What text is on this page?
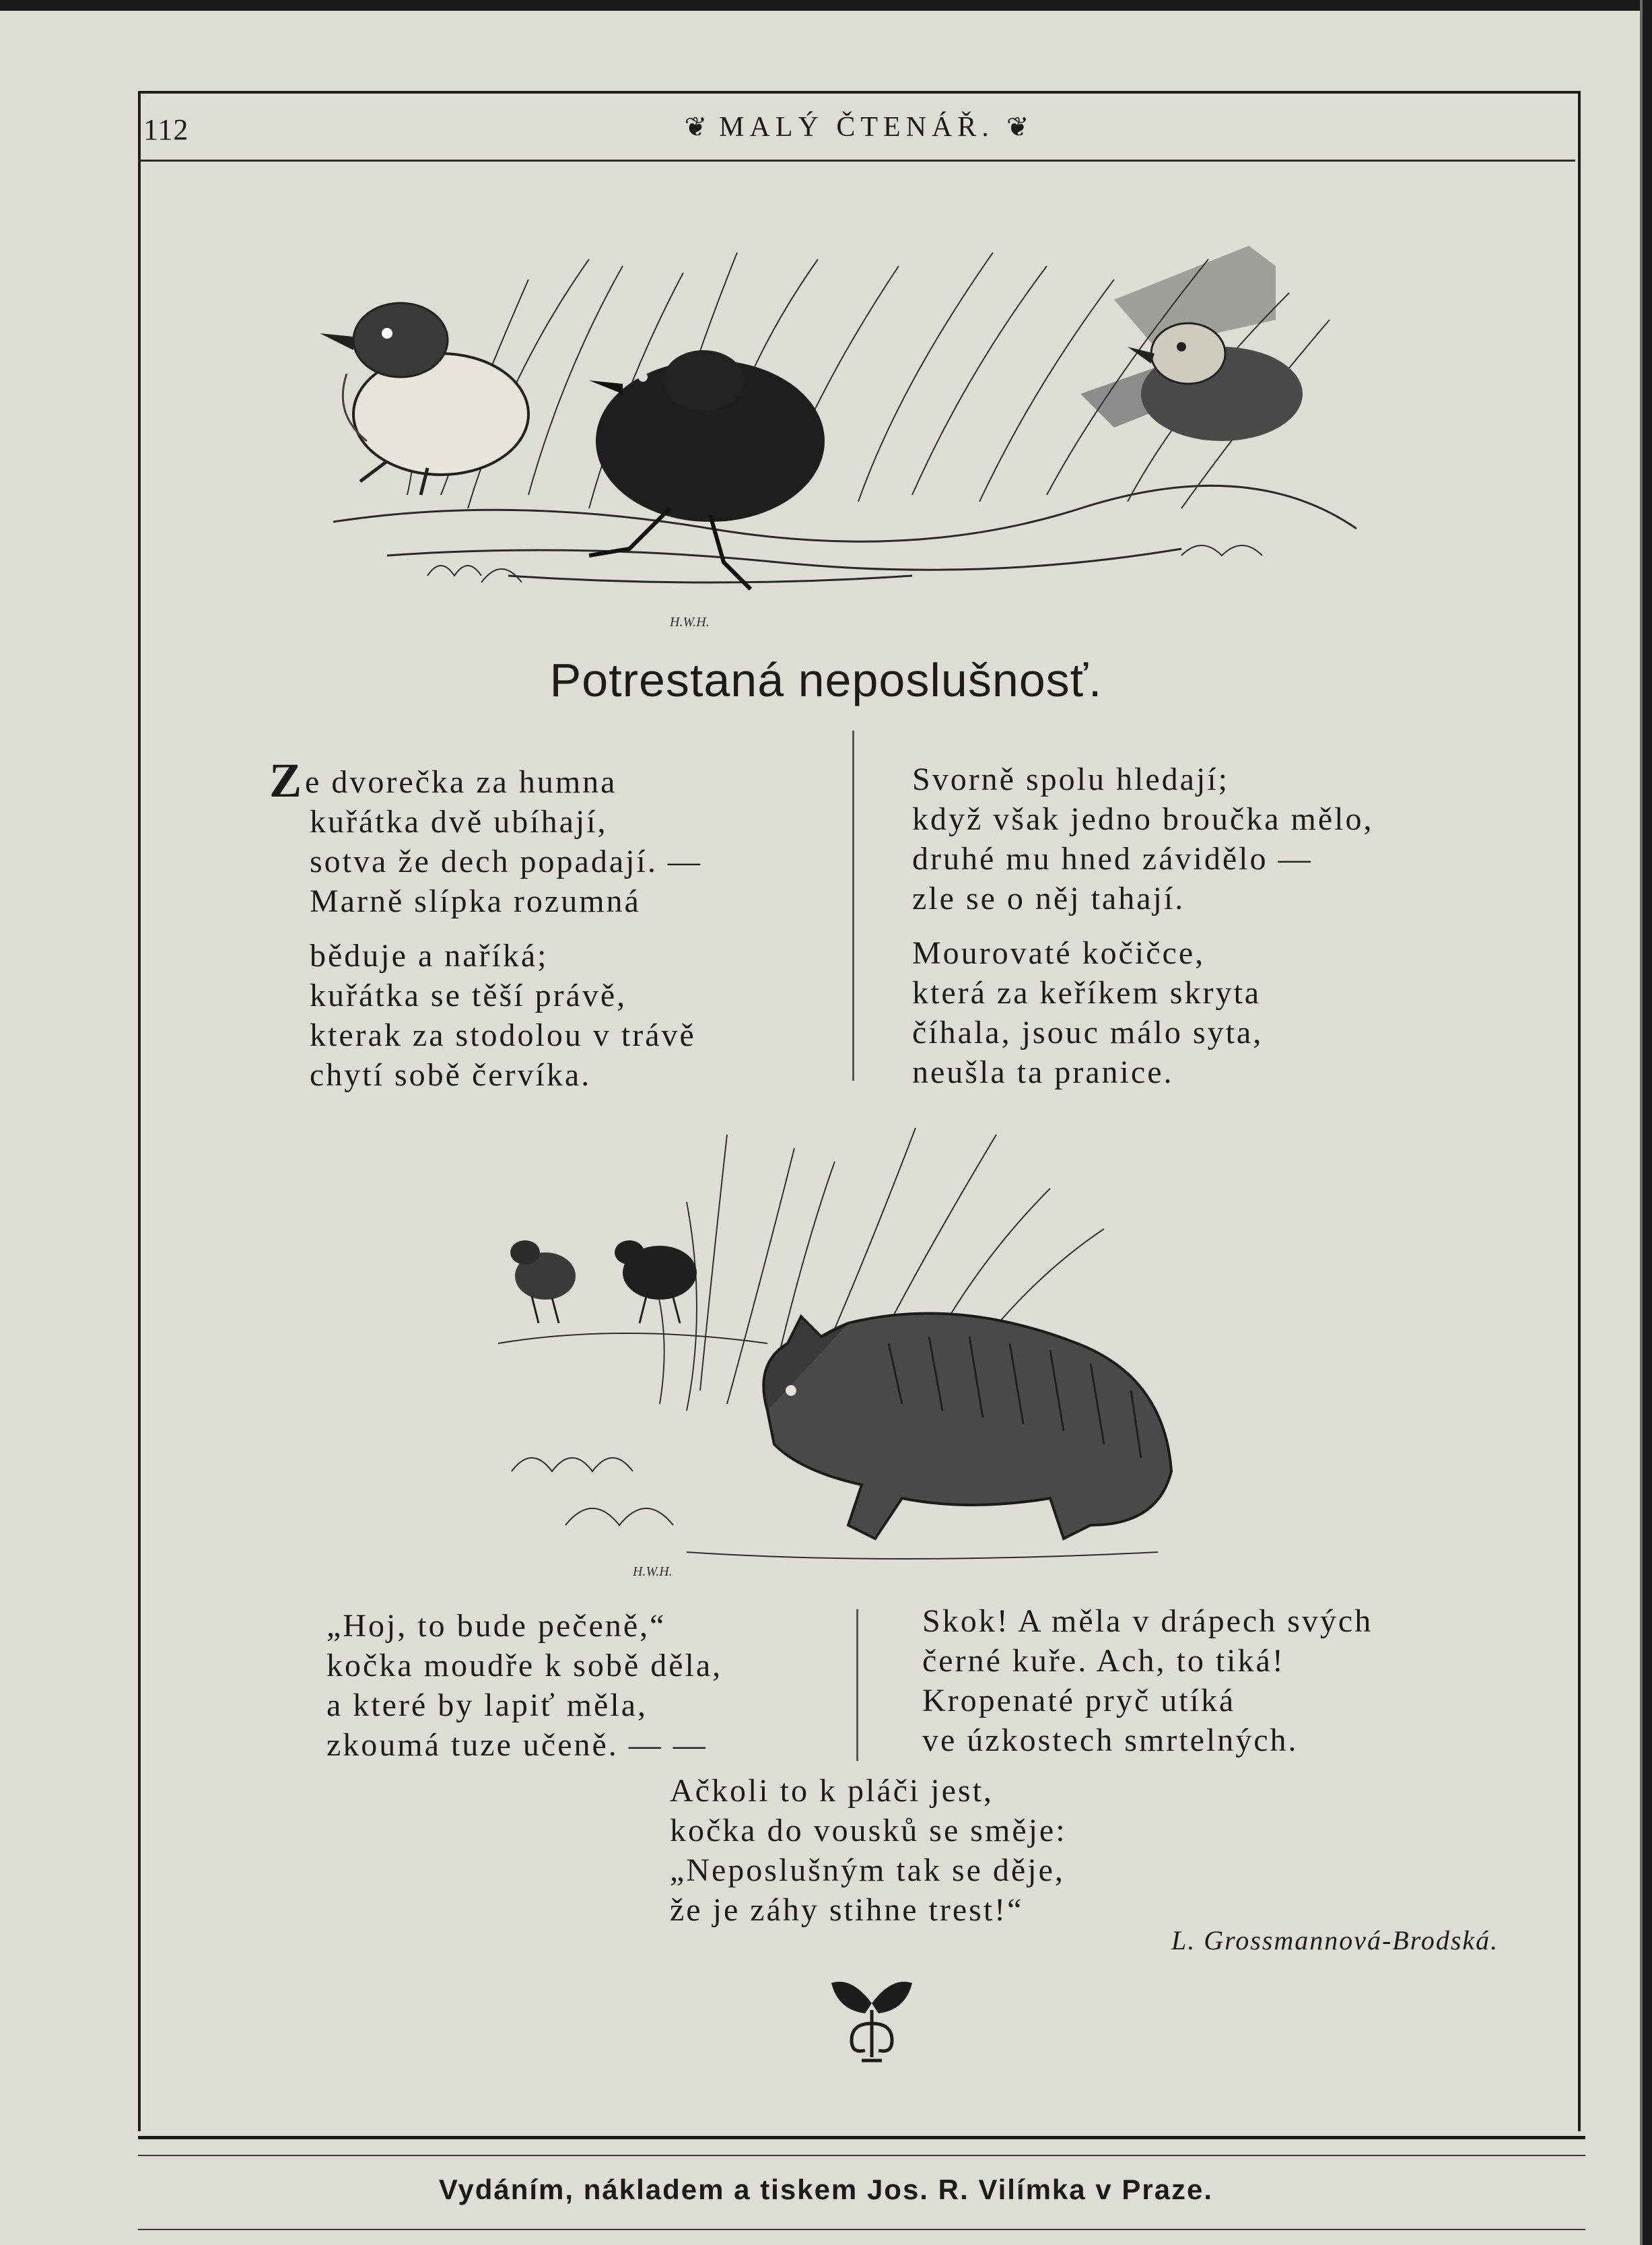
112	❦ MALÝ ČTENÁŘ. ❦
H.W.H.
Potrestaná neposlušnosť.

Ze dvorečka za humna

kuřátka dvě ubíhají,

sotva že dech popadají. —

Marně slípka rozumná

běduje a naříká;

kuřátka se těší právě,

kterak za stodolou v trávě

chytí sobě červíka.

Svorně spolu hledají;

když však jedno broučka mělo,

druhé mu hned závidělo —

zle se o něj tahají.

Mourovaté kočičce,

která za keříkem skryta

číhala, jsouc málo syta,

neušla ta pranice.

H.W.H.

„Hoj, to bude pečeně,“

kočka moudře k sobě děla,

a které by lapiť měla,

zkoumá tuze učeně. — —

Skok! A měla v drápech svých

černé kuře. Ach, to tiká!

Kropenaté pryč utíká

ve úzkostech smrtelných.

Ačkoli to k pláči jest,

kočka do vousků se směje:

„Neposlušným tak se děje,

že je záhy stihne trest!“

L. Grossmannová-Brodská.
Vydáním, nákladem a tiskem Jos. R. Vilímka v Praze.
